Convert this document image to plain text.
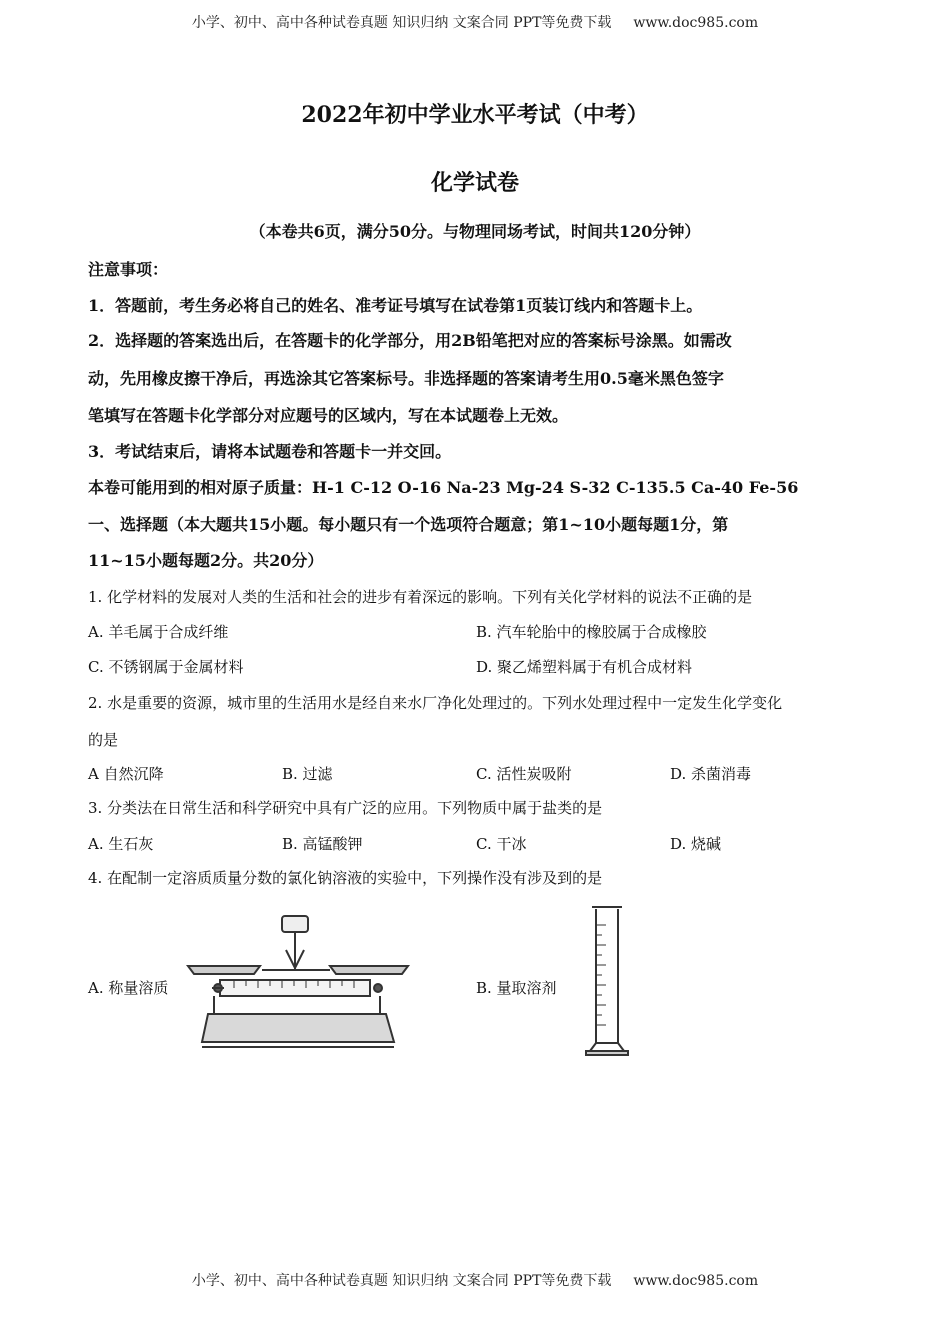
小学、初中、高中各种试卷真题 知识归纳 文案合同 PPT等免费下载 www.doc985.com
2022年初中学业水平考试（中考）
化学试卷
（本卷共6页，满分50分。与物理同场考试，时间共120分钟）
注意事项：
1．答题前，考生务必将自己的姓名、准考证号填写在试卷第1页装订线内和答题卡上。
2．选择题的答案选出后，在答题卡的化学部分，用2B铅笔把对应的答案标号涂黑。如需改
动，先用橡皮擦干净后，再选涂其它答案标号。非选择题的答案请考生用0.5毫米黑色签字
笔填写在答题卡化学部分对应题号的区域内，写在本试题卷上无效。
3．考试结束后，请将本试题卷和答题卡一并交回。
本卷可能用到的相对原子质量：H-1 C-12 O-16 Na-23 Mg-24 S-32 C-135.5 Ca-40 Fe-56
一、选择题（本大题共15小题。每小题只有一个选项符合题意；第1~10小题每题1分，第
11~15小题每题2分。共20分）
1. 化学材料的发展对人类的生活和社会的进步有着深远的影响。下列有关化学材料的说法不正确的是
A. 羊毛属于合成纤维	B. 汽车轮胎中的橡胶属于合成橡胶
C. 不锈钢属于金属材料	D. 聚乙烯塑料属于有机合成材料
2. 水是重要的资源，城市里的生活用水是经自来水厂净化处理过的。下列水处理过程中一定发生化学变化
的是
A 自然沉降	B. 过滤	C. 活性炭吸附	D. 杀菌消毒
3. 分类法在日常生活和科学研究中具有广泛的应用。下列物质中属于盐类的是
A. 生石灰	B. 高锰酸钾	C. 干冰	D. 烧碱
4. 在配制一定溶质质量分数的氯化钠溶液的实验中，下列操作没有涉及到的是
A. 称量溶质	B. 量取溶剂
小学、初中、高中各种试卷真题 知识归纳 文案合同 PPT等免费下载 www.doc985.com
